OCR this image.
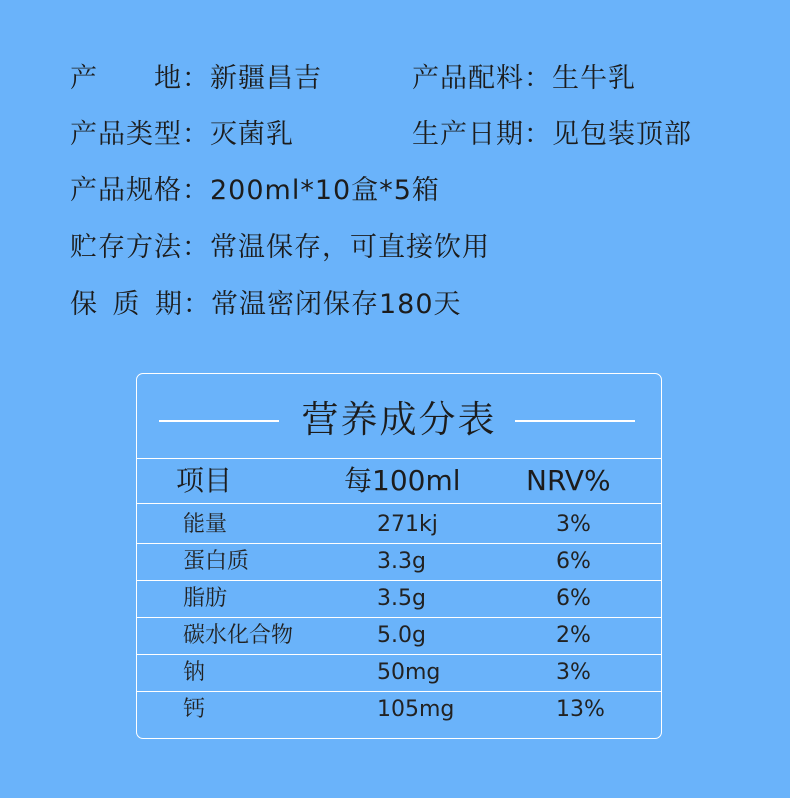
产　　地：新疆昌吉	产品配料：生牛乳
产品类型：灭菌乳	生产日期：见包装顶部
产品规格：200ml*10盒*5箱
贮存方法：常温保存，可直接饮用
保 质 期：常温密闭保存180天
营养成分表
项目	每100ml NRV%
能量	271kj	3%
蛋白质	3.3g	6%
脂肪	3.5g	6%
碳水化合物	5.0g	2%
钠	50mg	3%
钙	105mg	13%
